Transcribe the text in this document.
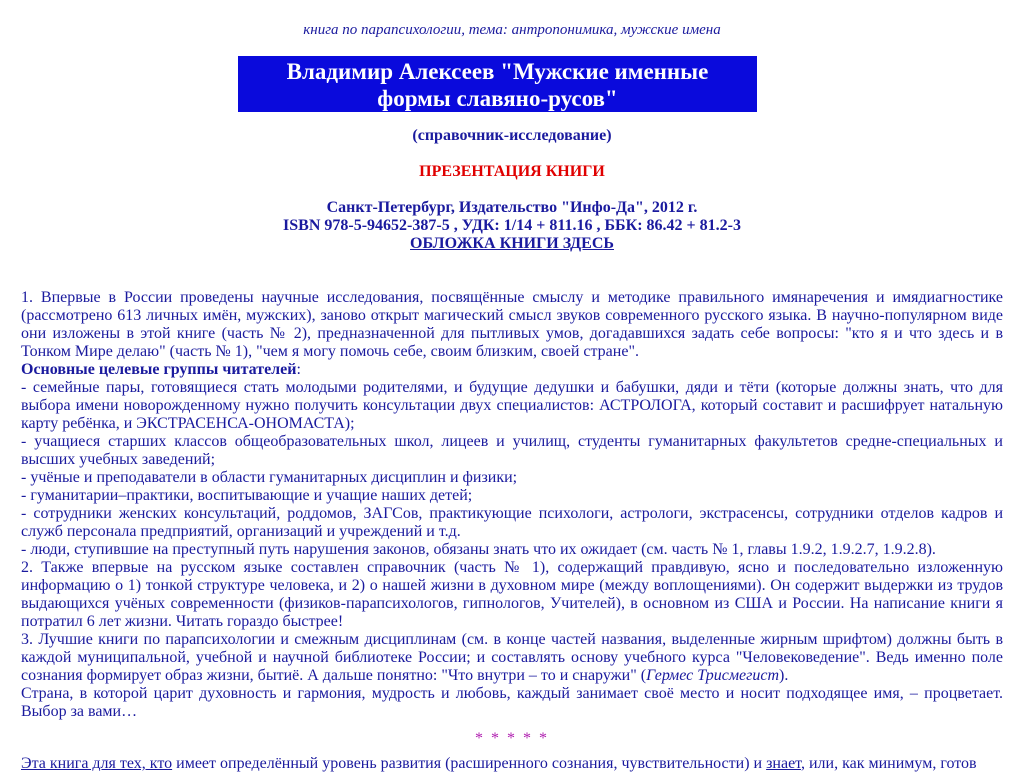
книга по парапсихологии, тема: антропонимика, мужские имена
Владимир Алексеев "Мужские именные
формы славяно-русов"
(справочник-исследование)
ПРЕЗЕНТАЦИЯ КНИГИ
Санкт-Петербург, Издательство "Инфо-Да", 2012 г.
ISBN 978-5-94652-387-5 , УДК: 1/14 + 811.16 , ББК: 86.42 + 81.2-3
ОБЛОЖКА КНИГИ ЗДЕСЬ

1. Впервые в России проведены научные исследования, посвящённые смыслу и методике правильного имянаречения и имядиагностике (рассмотрено 613 личных имён, мужских), заново открыт магический смысл звуков современного русского языка. В научно-популярном виде они изложены в этой книге (часть № 2), предназначенной для пытливых умов, догадавшихся задать себе вопросы: "кто я и что здесь и в Тонком Мире делаю" (часть № 1), "чем я могу помочь себе, своим близким, своей стране".

Основные целевые группы читателей:

- семейные пары, готовящиеся стать молодыми родителями, и будущие дедушки и бабушки, дяди и тёти (которые должны знать, что для выбора имени новорожденному нужно получить консультации двух специалистов: АСТРОЛОГА, который составит и расшифрует натальную карту ребёнка, и ЭКСТРАСЕНСА-ОНОМАСТА);

- учащиеся старших классов общеобразовательных школ, лицеев и училищ, студенты гуманитарных факультетов средне-специальных и высших учебных заведений;

- учёные и преподаватели в области гуманитарных дисциплин и физики;

- гуманитарии–практики, воспитывающие и учащие наших детей;

- сотрудники женских консультаций, роддомов, ЗАГСов, практикующие психологи, астрологи, экстрасенсы, сотрудники отделов кадров и служб персонала предприятий, организаций и учреждений и т.д.

- люди, ступившие на преступный путь нарушения законов, обязаны знать что их ожидает (см. часть № 1, главы 1.9.2, 1.9.2.7, 1.9.2.8).

2. Также впервые на русском языке составлен справочник (часть № 1), содержащий правдивую, ясно и последовательно изложенную информацию о 1) тонкой структуре человека, и 2) о нашей жизни в духовном мире (между воплощениями). Он содержит выдержки из трудов выдающихся учёных современности (физиков-парапсихологов, гипнологов, Учителей), в основном из США и России. На написание книги я потратил 6 лет жизни. Читать гораздо быстрее!

3. Лучшие книги по парапсихологии и смежным дисциплинам (см. в конце частей названия, выделенные жирным шрифтом) должны быть в каждой муниципальной, учебной и научной библиотеке России; и составлять основу учебного курса "Человековедение". Ведь именно поле сознания формирует образ жизни, бытиё. А дальше понятно: "Что внутри – то и снаружи" (Гермес Трисмегист).

Страна, в которой царит духовность и гармония, мудрость и любовь, каждый занимает своё место и носит подходящее имя, – процветает. Выбор за вами…

* * * * *

Эта книга для тех, кто имеет определённый уровень развития (расширенного сознания, чувствительности) и знает, или, как минимум, готов
